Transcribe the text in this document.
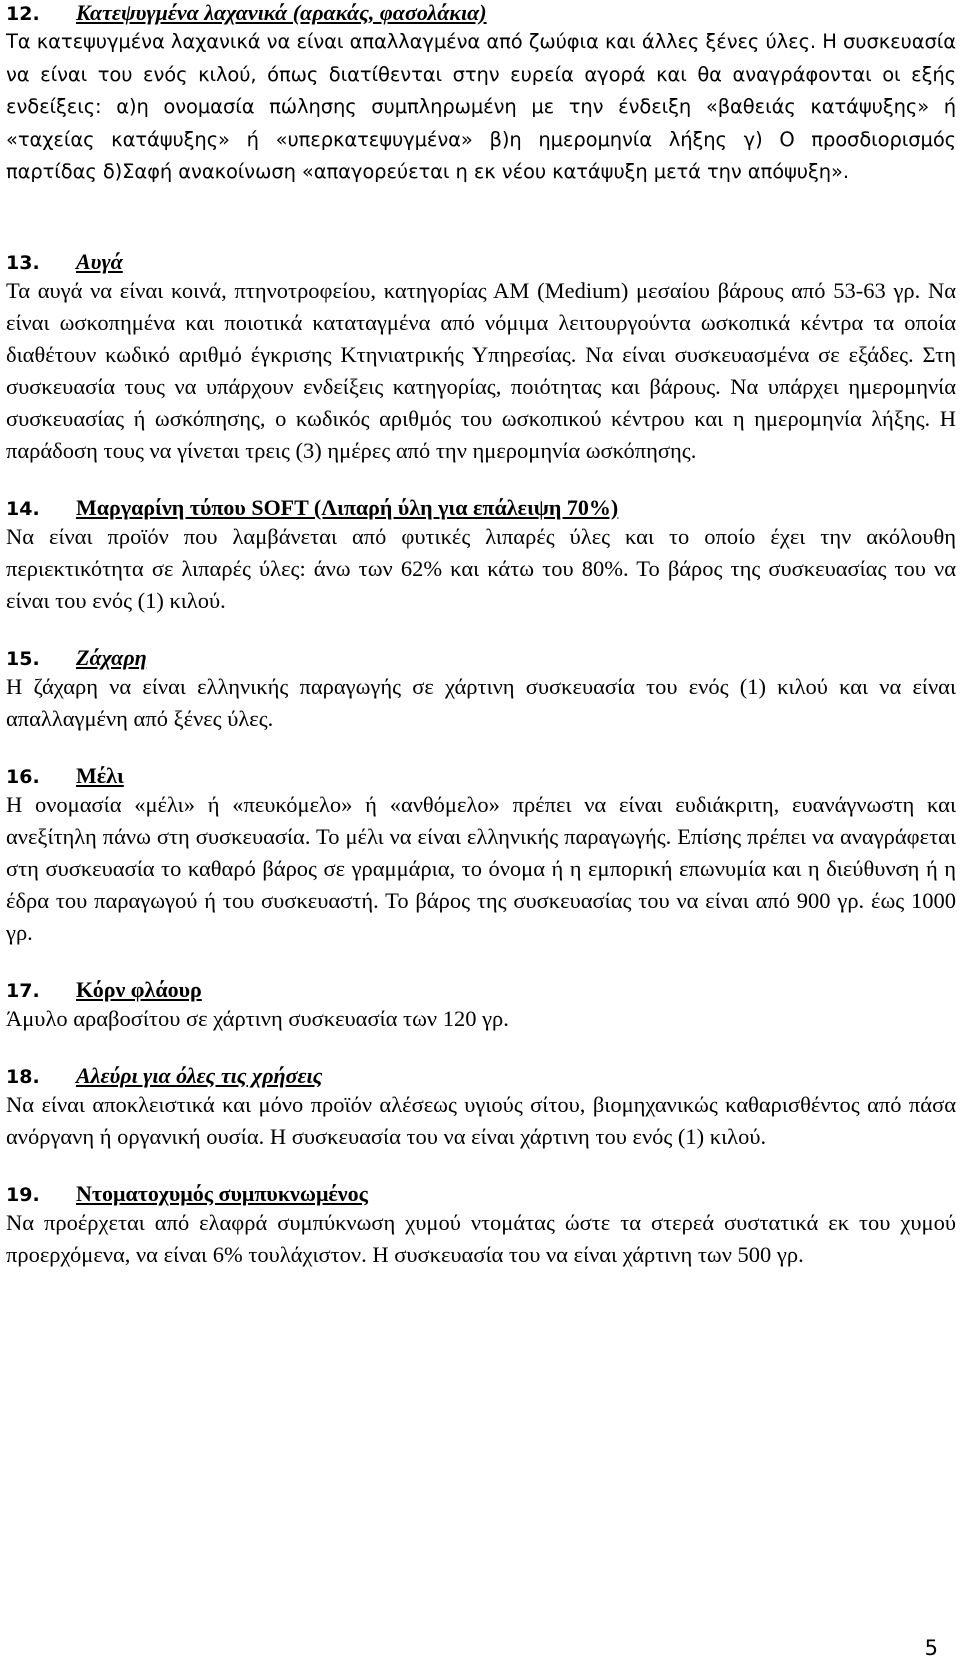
12. Κατεψυγμένα λαχανικά (αρακάς, φασολάκια)

Τα κατεψυγμένα λαχανικά να είναι απαλλαγμένα από ζωύφια και άλλες ξένες ύλες. Η συσκευασία να είναι του ενός κιλού, όπως διατίθενται στην ευρεία αγορά και θα αναγράφονται οι εξής ενδείξεις: α)η ονομασία πώλησης συμπληρωμένη με την ένδειξη «βαθειάς κατάψυξης» ή «ταχείας κατάψυξης» ή «υπερκατεψυγμένα» β)η ημερομηνία λήξης γ) Ο προσδιορισμός παρτίδας δ)Σαφή ανακοίνωση «απαγορεύεται η εκ νέου κατάψυξη μετά την απόψυξη».

13. Αυγά

Τα αυγά να είναι κοινά, πτηνοτροφείου, κατηγορίας ΑΜ (Medium) μεσαίου βάρους από 53-63 γρ. Να είναι ωσκοπημένα και ποιοτικά καταταγμένα από νόμιμα λειτουργούντα ωσκοπικά κέντρα τα οποία διαθέτουν κωδικό αριθμό έγκρισης Κτηνιατρικής Υπηρεσίας. Να είναι συσκευασμένα σε εξάδες. Στη συσκευασία τους να υπάρχουν ενδείξεις κατηγορίας, ποιότητας και βάρους. Να υπάρχει ημερομηνία συσκευασίας ή ωσκόπησης, ο κωδικός αριθμός του ωσκοπικού κέντρου και η ημερομηνία λήξης. Η παράδοση τους να γίνεται τρεις (3) ημέρες από την ημερομηνία ωσκόπησης.

14. Μαργαρίνη τύπου SOFT (Λιπαρή ύλη για επάλειψη 70%)

Να είναι προϊόν που λαμβάνεται από φυτικές λιπαρές ύλες και το οποίο έχει την ακόλουθη περιεκτικότητα σε λιπαρές ύλες: άνω των 62% και κάτω του 80%. Το βάρος της συσκευασίας του να είναι του ενός (1) κιλού.

15. Ζάχαρη

Η ζάχαρη να είναι ελληνικής παραγωγής σε χάρτινη συσκευασία του ενός (1) κιλού και να είναι απαλλαγμένη από ξένες ύλες.

16. Μέλι

Η ονομασία «μέλι» ή «πευκόμελο» ή «ανθόμελο» πρέπει να είναι ευδιάκριτη, ευανάγνωστη και ανεξίτηλη πάνω στη συσκευασία. Το μέλι να είναι ελληνικής παραγωγής. Επίσης πρέπει να αναγράφεται στη συσκευασία το καθαρό βάρος σε γραμμάρια, το όνομα ή η εμπορική επωνυμία και η διεύθυνση ή η έδρα του παραγωγού ή του συσκευαστή. Το βάρος της συσκευασίας του να είναι από 900 γρ. έως 1000 γρ.

17. Κόρν φλάουρ

Άμυλο αραβοσίτου σε χάρτινη συσκευασία των 120 γρ.

18. Αλεύρι για όλες τις χρήσεις

Να είναι αποκλειστικά και μόνο προϊόν αλέσεως υγιούς σίτου, βιομηχανικώς καθαρισθέντος από πάσα ανόργανη ή οργανική ουσία. Η συσκευασία του να είναι χάρτινη του ενός (1) κιλού.

19. Ντοματοχυμός συμπυκνωμένος

Να προέρχεται από ελαφρά συμπύκνωση χυμού ντομάτας ώστε τα στερεά συστατικά εκ του χυμού προερχόμενα, να είναι 6% τουλάχιστον. Η συσκευασία του να είναι χάρτινη των 500 γρ.

5
